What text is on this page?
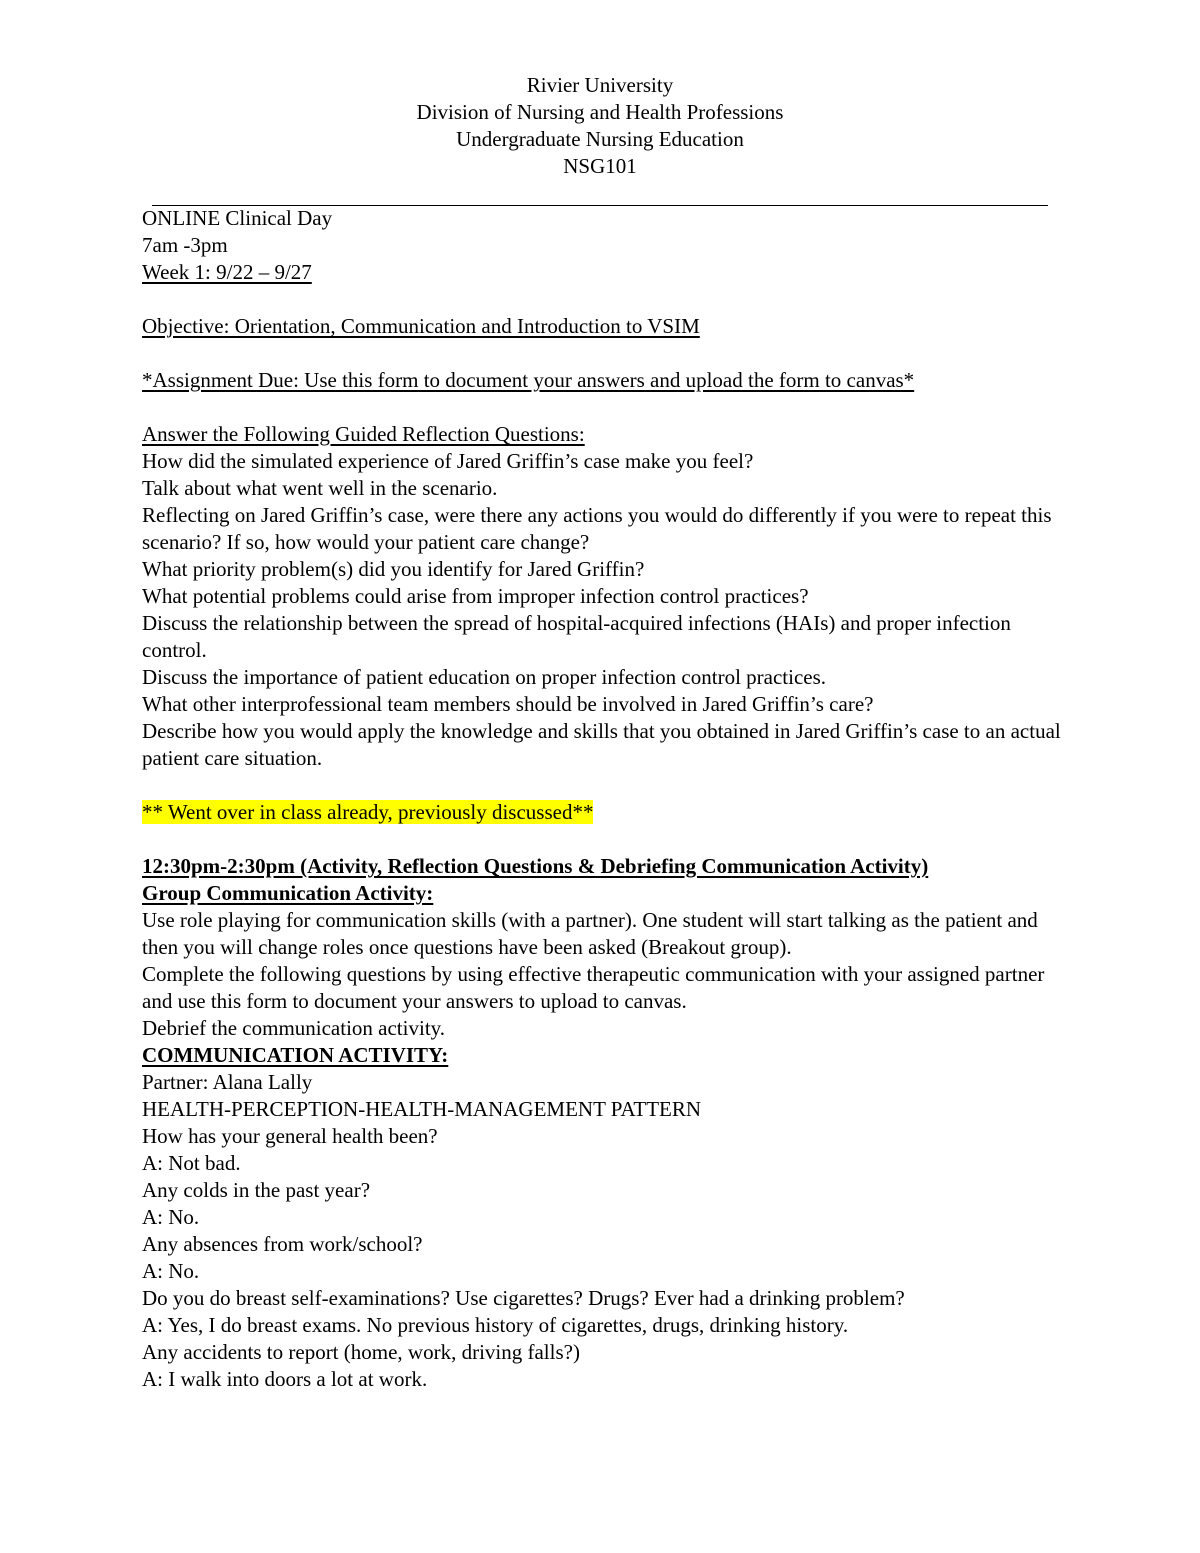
Rivier University
Division of Nursing and Health Professions
Undergraduate Nursing Education
NSG101
ONLINE Clinical Day
7am -3pm
Week 1: 9/22 – 9/27
Objective: Orientation, Communication and Introduction to VSIM
*Assignment Due: Use this form to document your answers and upload the form to canvas*
Answer the Following Guided Reflection Questions:
How did the simulated experience of Jared Griffin’s case make you feel?
Talk about what went well in the scenario.
Reflecting on Jared Griffin’s case, were there any actions you would do differently if you were to repeat this scenario? If so, how would your patient care change?
What priority problem(s) did you identify for Jared Griffin?
What potential problems could arise from improper infection control practices?
Discuss the relationship between the spread of hospital-acquired infections (HAIs) and proper infection control.
Discuss the importance of patient education on proper infection control practices.
What other interprofessional team members should be involved in Jared Griffin’s care?
Describe how you would apply the knowledge and skills that you obtained in Jared Griffin’s case to an actual patient care situation.
** Went over in class already, previously discussed**
12:30pm-2:30pm (Activity, Reflection Questions & Debriefing Communication Activity)
Group Communication Activity:
Use role playing for communication skills (with a partner). One student will start talking as the patient and then you will change roles once questions have been asked (Breakout group).
Complete the following questions by using effective therapeutic communication with your assigned partner and use this form to document your answers to upload to canvas.
Debrief the communication activity.
COMMUNICATION ACTIVITY:
Partner: Alana Lally
HEALTH-PERCEPTION-HEALTH-MANAGEMENT PATTERN
How has your general health been?
A: Not bad.
Any colds in the past year?
A: No.
Any absences from work/school?
A: No.
Do you do breast self-examinations? Use cigarettes? Drugs? Ever had a drinking problem?
A: Yes, I do breast exams. No previous history of cigarettes, drugs, drinking history.
Any accidents to report (home, work, driving falls?)
A: I walk into doors a lot at work.
